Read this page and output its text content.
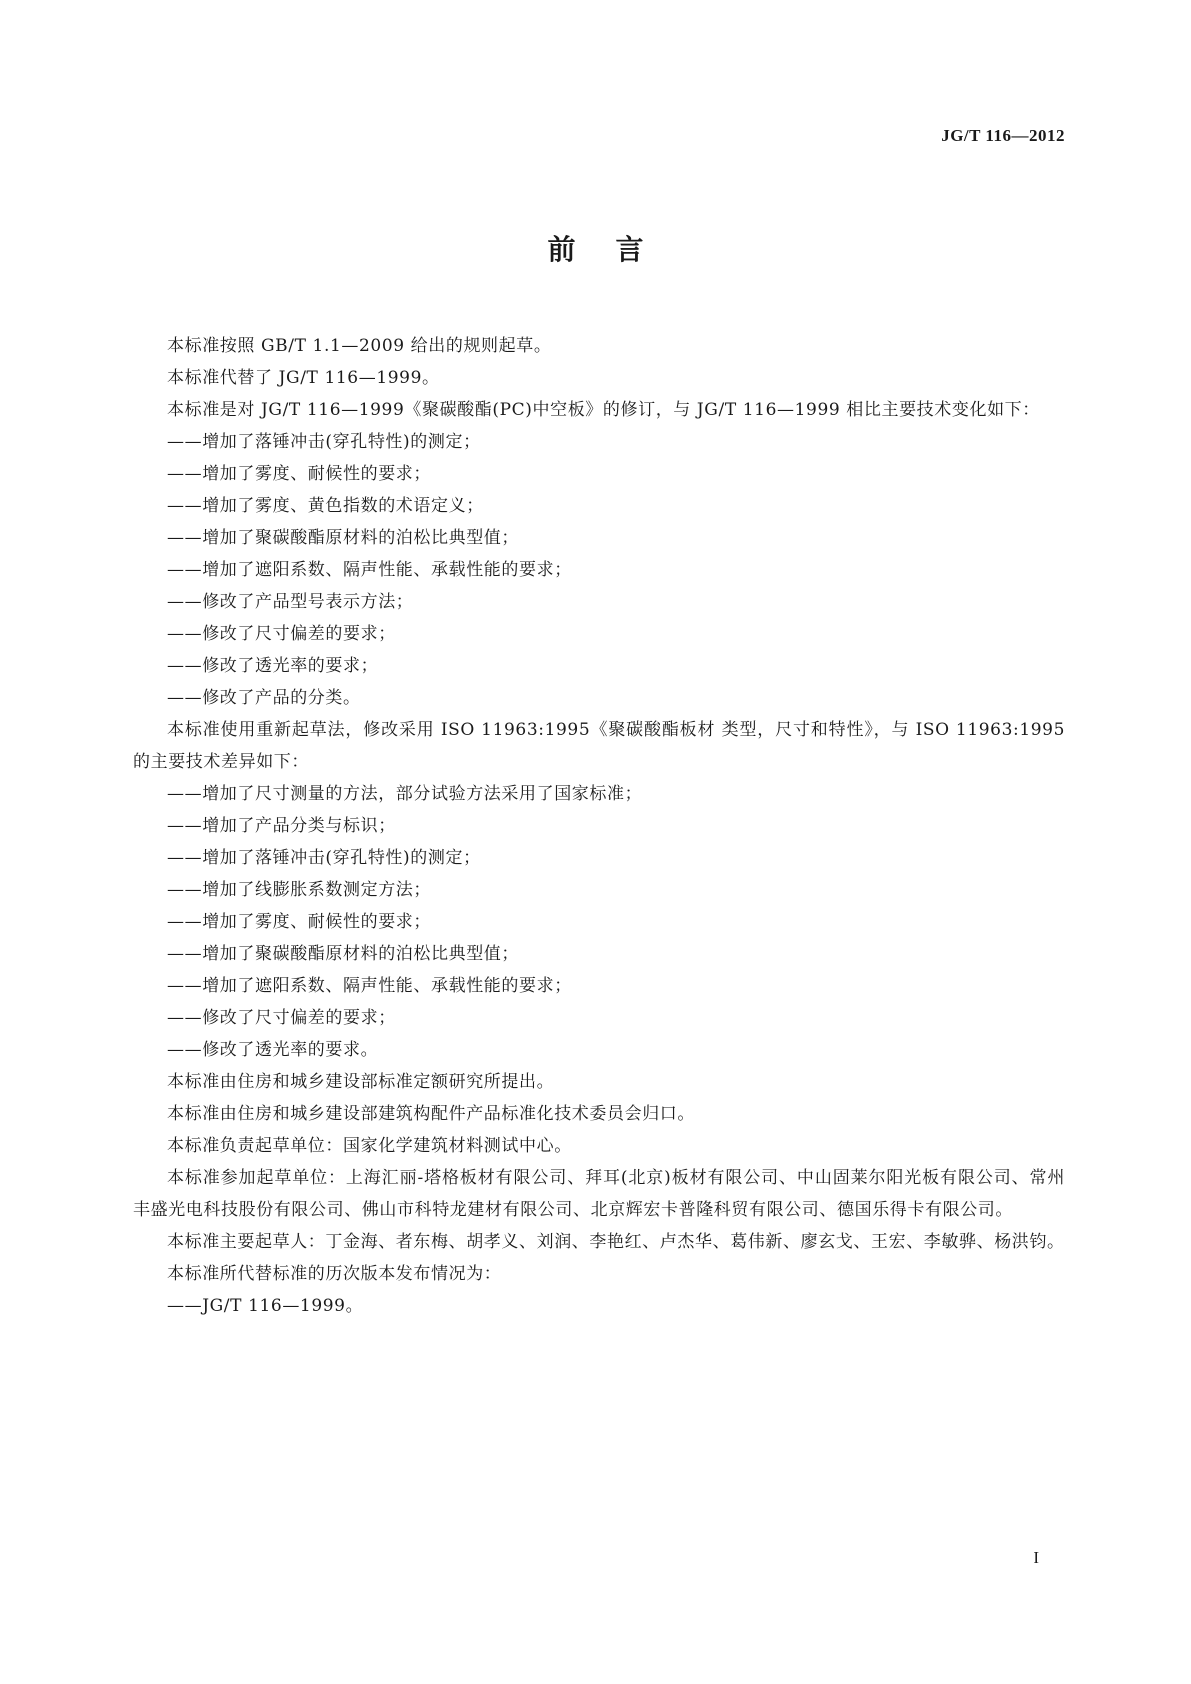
JG/T 116—2012
前言

本标准按照 GB/T 1.1—2009 给出的规则起草。

本标准代替了 JG/T 116—1999。

本标准是对 JG/T 116—1999《聚碳酸酯(PC)中空板》的修订，与 JG/T 116—1999 相比主要技术变化如下：

——增加了落锤冲击(穿孔特性)的测定；

——增加了雾度、耐候性的要求；

——增加了雾度、黄色指数的术语定义；

——增加了聚碳酸酯原材料的泊松比典型值；

——增加了遮阳系数、隔声性能、承载性能的要求；

——修改了产品型号表示方法；

——修改了尺寸偏差的要求；

——修改了透光率的要求；

——修改了产品的分类。

本标准使用重新起草法，修改采用 ISO 11963:1995《聚碳酸酯板材 类型，尺寸和特性》，与 ISO 11963:1995 的主要技术差异如下：

——增加了尺寸测量的方法，部分试验方法采用了国家标准；

——增加了产品分类与标识；

——增加了落锤冲击(穿孔特性)的测定；

——增加了线膨胀系数测定方法；

——增加了雾度、耐候性的要求；

——增加了聚碳酸酯原材料的泊松比典型值；

——增加了遮阳系数、隔声性能、承载性能的要求；

——修改了尺寸偏差的要求；

——修改了透光率的要求。

本标准由住房和城乡建设部标准定额研究所提出。

本标准由住房和城乡建设部建筑构配件产品标准化技术委员会归口。

本标准负责起草单位：国家化学建筑材料测试中心。

本标准参加起草单位：上海汇丽-塔格板材有限公司、拜耳(北京)板材有限公司、中山固莱尔阳光板有限公司、常州丰盛光电科技股份有限公司、佛山市科特龙建材有限公司、北京辉宏卡普隆科贸有限公司、德国乐得卡有限公司。

本标准主要起草人：丁金海、者东梅、胡孝义、刘润、李艳红、卢杰华、葛伟新、廖玄戈、王宏、李敏骅、杨洪钧。

本标准所代替标准的历次版本发布情况为：

——JG/T 116—1999。

I
